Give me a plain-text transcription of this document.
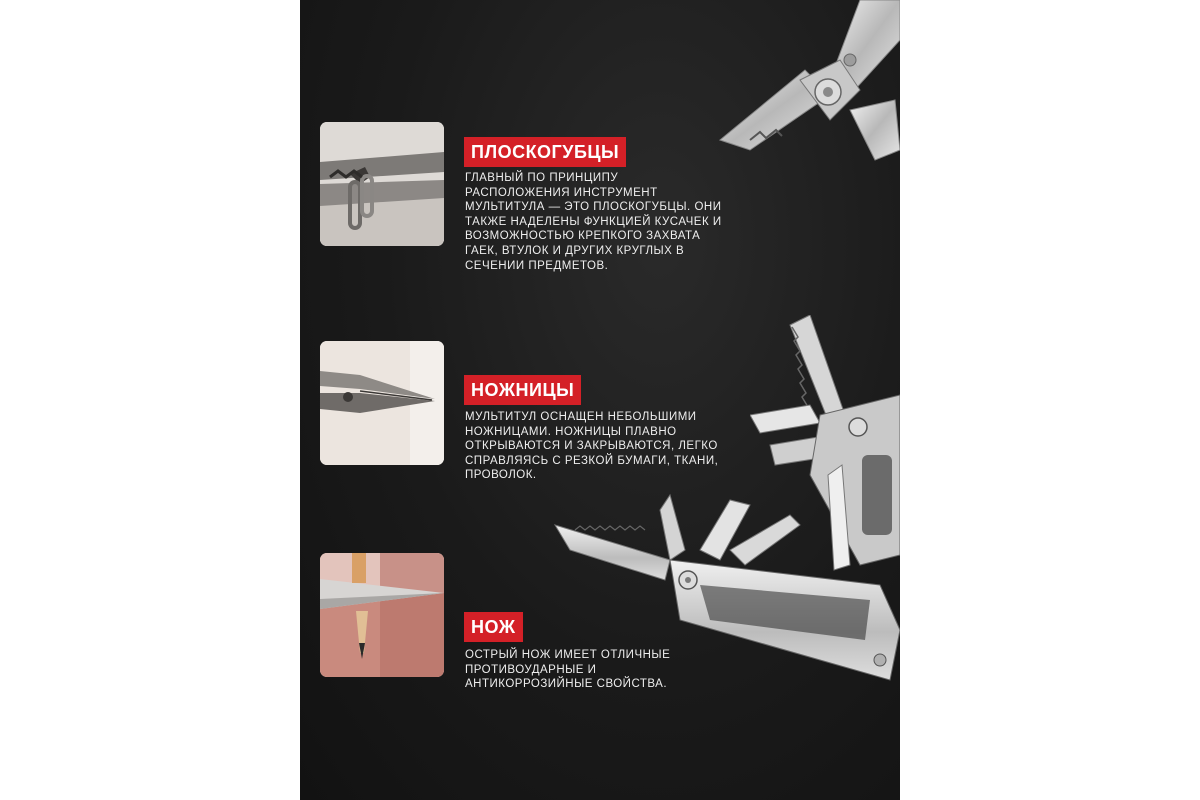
ПЛОСКОГУБЦЫ
ГЛАВНЫЙ ПО ПРИНЦИПУ РАСПОЛОЖЕНИЯ ИНСТРУМЕНТ МУЛЬТИТУЛА — ЭТО ПЛОСКОГУБЦЫ. ОНИ ТАКЖЕ НАДЕЛЕНЫ ФУНКЦИЕЙ КУСАЧЕК И ВОЗМОЖНОСТЬЮ КРЕПКОГО ЗАХВАТА ГАЕК, ВТУЛОК И ДРУГИХ КРУГЛЫХ В СЕЧЕНИИ ПРЕДМЕТОВ.
НОЖНИЦЫ
МУЛЬТИТУЛ ОСНАЩЕН НЕБОЛЬШИМИ НОЖНИЦАМИ. НОЖНИЦЫ ПЛАВНО ОТКРЫВАЮТСЯ И ЗАКРЫВАЮТСЯ, ЛЕГКО СПРАВЛЯЯСЬ С РЕЗКОЙ БУМАГИ, ТКАНИ, ПРОВОЛОК.
НОЖ
ОСТРЫЙ НОЖ ИМЕЕТ ОТЛИЧНЫЕ ПРОТИВОУДАРНЫЕ И АНТИКОРРОЗИЙНЫЕ СВОЙСТВА.
